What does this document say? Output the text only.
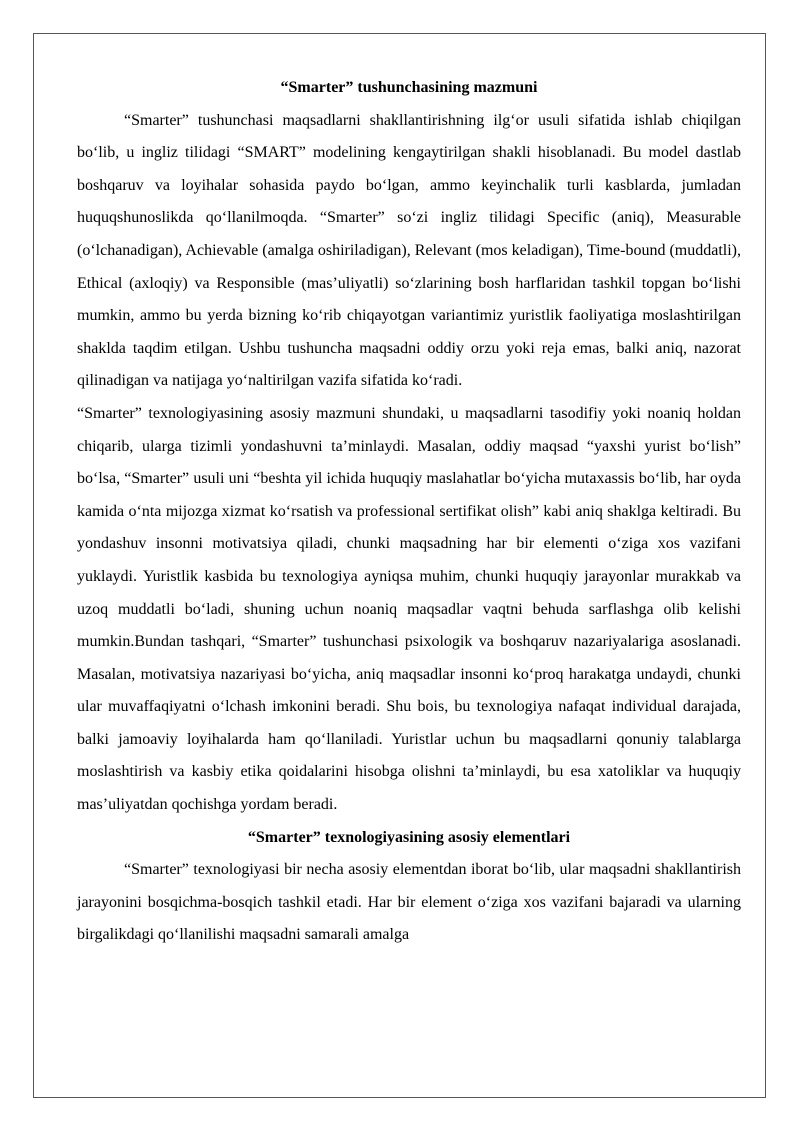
“Smarter” tushunchasining mazmuni

“Smarter” tushunchasi maqsadlarni shakllantirishning ilg‘or usuli sifatida ishlab chiqilgan bo‘lib, u ingliz tilidagi “SMART” modelining kengaytirilgan shakli hisoblanadi. Bu model dastlab boshqaruv va loyihalar sohasida paydo bo‘lgan, ammo keyinchalik turli kasblarda, jumladan huquqshunoslikda qo‘llanilmoqda. “Smarter” so‘zi ingliz tilidagi Specific (aniq), Measurable (o‘lchanadigan), Achievable (amalga oshiriladigan), Relevant (mos keladigan), Time-bound (muddatli), Ethical (axloqiy) va Responsible (mas’uliyatli) so‘zlarining bosh harflaridan tashkil topgan bo‘lishi mumkin, ammo bu yerda bizning ko‘rib chiqayotgan variantimiz yuristlik faoliyatiga moslashtirilgan shaklda taqdim etilgan. Ushbu tushuncha maqsadni oddiy orzu yoki reja emas, balki aniq, nazorat qilinadigan va natijaga yo‘naltirilgan vazifa sifatida ko‘radi.

“Smarter” texnologiyasining asosiy mazmuni shundaki, u maqsadlarni tasodifiy yoki noaniq holdan chiqarib, ularga tizimli yondashuvni ta’minlaydi. Masalan, oddiy maqsad “yaxshi yurist bo‘lish” bo‘lsa, “Smarter” usuli uni “beshta yil ichida huquqiy maslahatlar bo‘yicha mutaxassis bo‘lib, har oyda kamida o‘nta mijozga xizmat ko‘rsatish va professional sertifikat olish” kabi aniq shaklga keltiradi. Bu yondashuv insonni motivatsiya qiladi, chunki maqsadning har bir elementi o‘ziga xos vazifani yuklaydi. Yuristlik kasbida bu texnologiya ayniqsa muhim, chunki huquqiy jarayonlar murakkab va uzoq muddatli bo‘ladi, shuning uchun noaniq maqsadlar vaqtni behuda sarflashga olib kelishi mumkin.Bundan tashqari, “Smarter” tushunchasi psixologik va boshqaruv nazariyalariga asoslanadi. Masalan, motivatsiya nazariyasi bo‘yicha, aniq maqsadlar insonni ko‘proq harakatga undaydi, chunki ular muvaffaqiyatni o‘lchash imkonini beradi. Shu bois, bu texnologiya nafaqat individual darajada, balki jamoaviy loyihalarda ham qo‘llaniladi. Yuristlar uchun bu maqsadlarni qonuniy talablarga moslashtirish va kasbiy etika qoidalarini hisobga olishni ta’minlaydi, bu esa xatoliklar va huquqiy mas’uliyatdan qochishga yordam beradi.

“Smarter” texnologiyasining asosiy elementlari

“Smarter” texnologiyasi bir necha asosiy elementdan iborat bo‘lib, ular maqsadni shakllantirish jarayonini bosqichma-bosqich tashkil etadi. Har bir element o‘ziga xos vazifani bajaradi va ularning birgalikdagi qo‘llanilishi maqsadni samarali amalga
